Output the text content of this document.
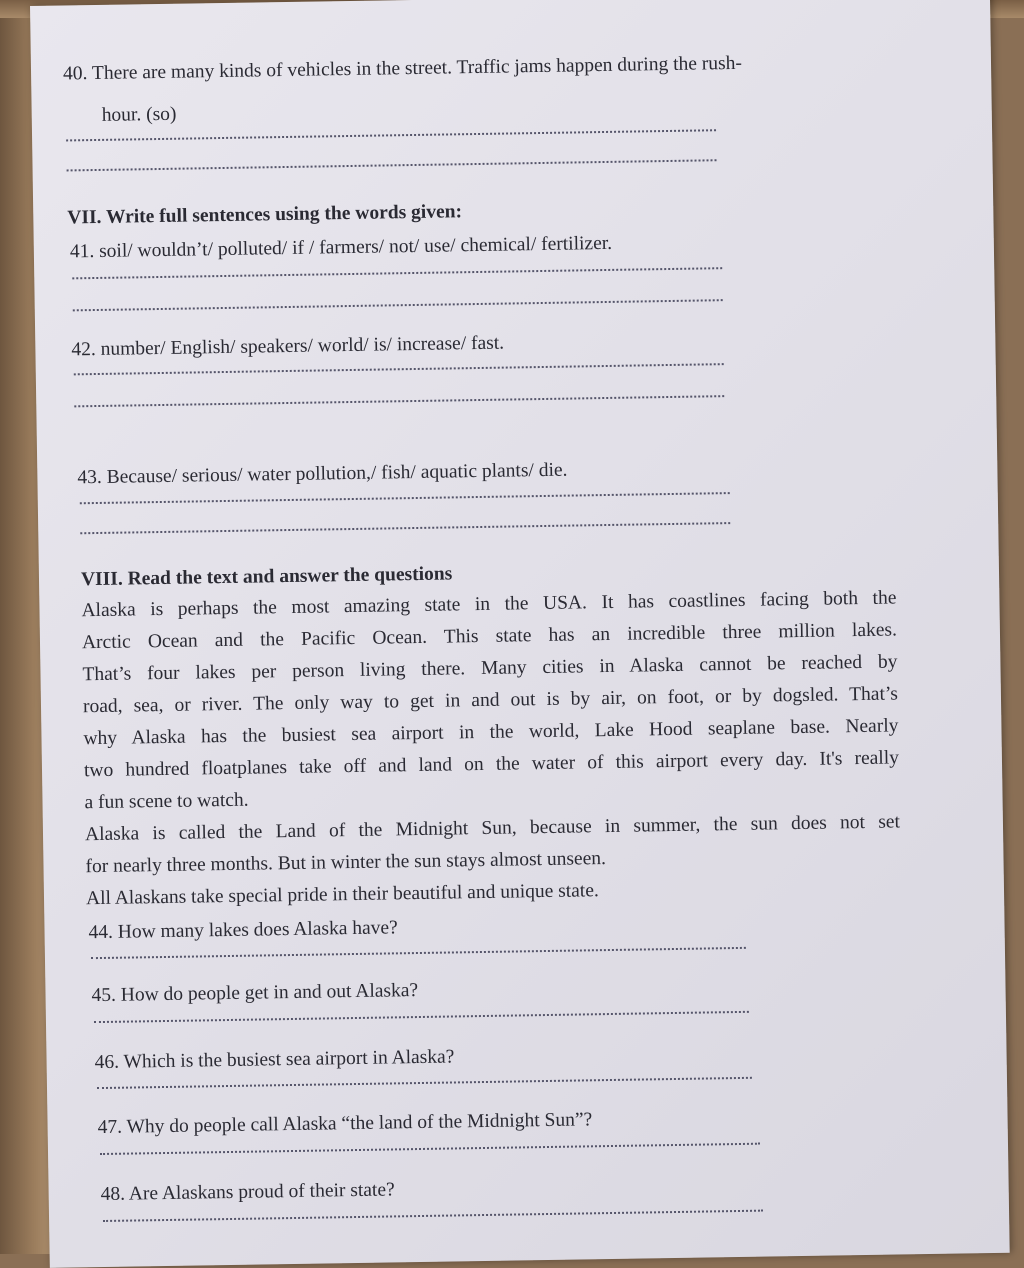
40. There are many kinds of vehicles in the street. Traffic jams happen during the rush-
hour. (so)
VII. Write full sentences using the words given:
41. soil/ wouldn’t/ polluted/ if / farmers/ not/ use/ chemical/ fertilizer.
42. number/ English/ speakers/ world/ is/ increase/ fast.
43. Because/ serious/ water pollution,/ fish/ aquatic plants/ die.
VIII. Read the text and answer the questions
Alaska is perhaps the most amazing state in the USA. It has coastlines facing both the
Arctic Ocean and the Pacific Ocean. This state has an incredible three million lakes.
That’s four lakes per person living there. Many cities in Alaska cannot be reached by
road, sea, or river. The only way to get in and out is by air, on foot, or by dogsled. That’s
why Alaska has the busiest sea airport in the world, Lake Hood seaplane base. Nearly
two hundred floatplanes take off and land on the water of this airport every day. It's really
a fun scene to watch.
Alaska is called the Land of the Midnight Sun, because in summer, the sun does not set
for nearly three months. But in winter the sun stays almost unseen.
All Alaskans take special pride in their beautiful and unique state.
44. How many lakes does Alaska have?
45. How do people get in and out Alaska?
46. Which is the busiest sea airport in Alaska?
47. Why do people call Alaska “the land of the Midnight Sun”?
48. Are Alaskans proud of their state?
